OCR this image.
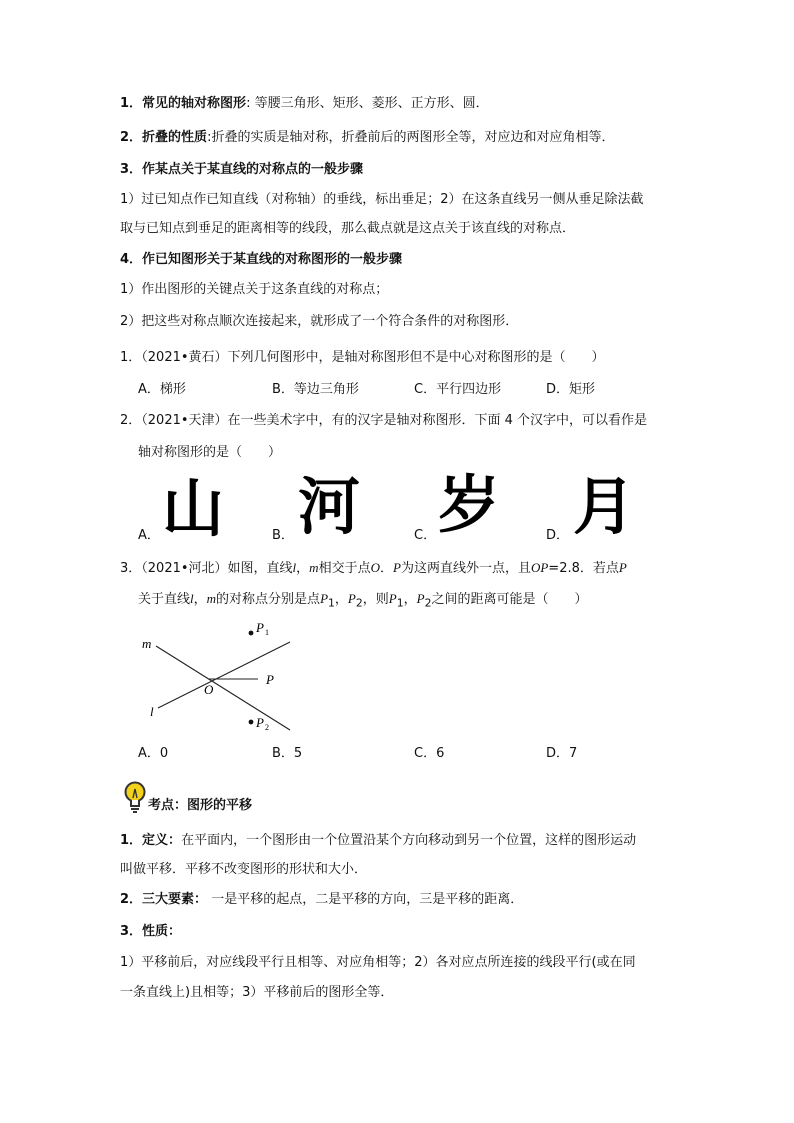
1．常见的轴对称图形: 等腰三角形、矩形、菱形、正方形、圆．
2．折叠的性质:折叠的实质是轴对称，折叠前后的两图形全等，对应边和对应角相等．
3．作某点关于某直线的对称点的一般步骤
1）过已知点作已知直线（对称轴）的垂线，标出垂足；2）在这条直线另一侧从垂足除法截
取与已知点到垂足的距离相等的线段，那么截点就是这点关于该直线的对称点．
4．作已知图形关于某直线的对称图形的一般步骤
1）作出图形的关键点关于这条直线的对称点；
2）把这些对称点顺次连接起来，就形成了一个符合条件的对称图形．
1．（2021•黄石）下列几何图形中，是轴对称图形但不是中心对称图形的是（　　）
A．梯形	B．等边三角形	C．平行四边形	D．矩形
2．（2021•天津）在一些美术字中，有的汉字是轴对称图形．下面 4 个汉字中，可以看作是
轴对称图形的是（　　）
A． 山	B． 河	C． 岁	D． 月
3．（2021•河北）如图，直线l，m相交于点O．P为这两直线外一点，且OP=2.8．若点P
关于直线l，m的对称点分别是点$P_1$，$P_2$，则$P_1$，$P_2$之间的距离可能是（　　）
m
l
O
P
P 1
P 2
A．0	B．5	C．6	D．7
考点：图形的平移
1．定义：在平面内，一个图形由一个位置沿某个方向移动到另一个位置，这样的图形运动
叫做平移．平移不改变图形的形状和大小．
2．三大要素： 一是平移的起点，二是平移的方向，三是平移的距离．
3．性质：
1）平移前后，对应线段平行且相等、对应角相等；2）各对应点所连接的线段平行(或在同
一条直线上)且相等；3）平移前后的图形全等．
